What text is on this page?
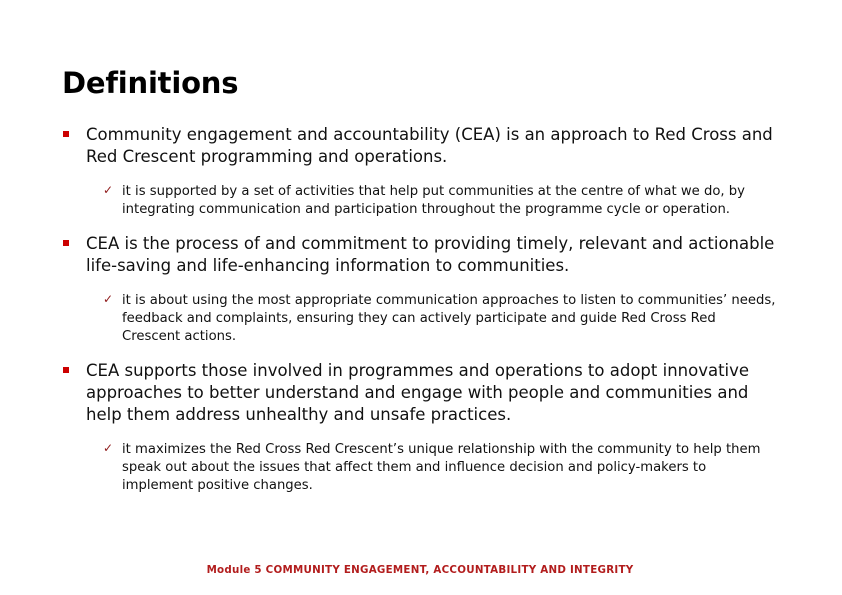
Definitions
Community engagement and accountability (CEA) is an approach to Red Cross and Red Crescent programming and operations.
✓ it is supported by a set of activities that help put communities at the centre of what we do, by integrating communication and participation throughout the programme cycle or operation.
CEA is the process of and commitment to providing timely, relevant and actionable life-saving and life-enhancing information to communities.
✓ it is about using the most appropriate communication approaches to listen to communities’ needs, feedback and complaints, ensuring they can actively participate and guide Red Cross Red Crescent actions.
CEA supports those involved in programmes and operations to adopt innovative approaches to better understand and engage with people and communities and help them address unhealthy and unsafe practices.
✓ it maximizes the Red Cross Red Crescent’s unique relationship with the community to help them speak out about the issues that affect them and influence decision and policy-makers to implement positive changes.
Module 5 COMMUNITY ENGAGEMENT, ACCOUNTABILITY AND INTEGRITY
